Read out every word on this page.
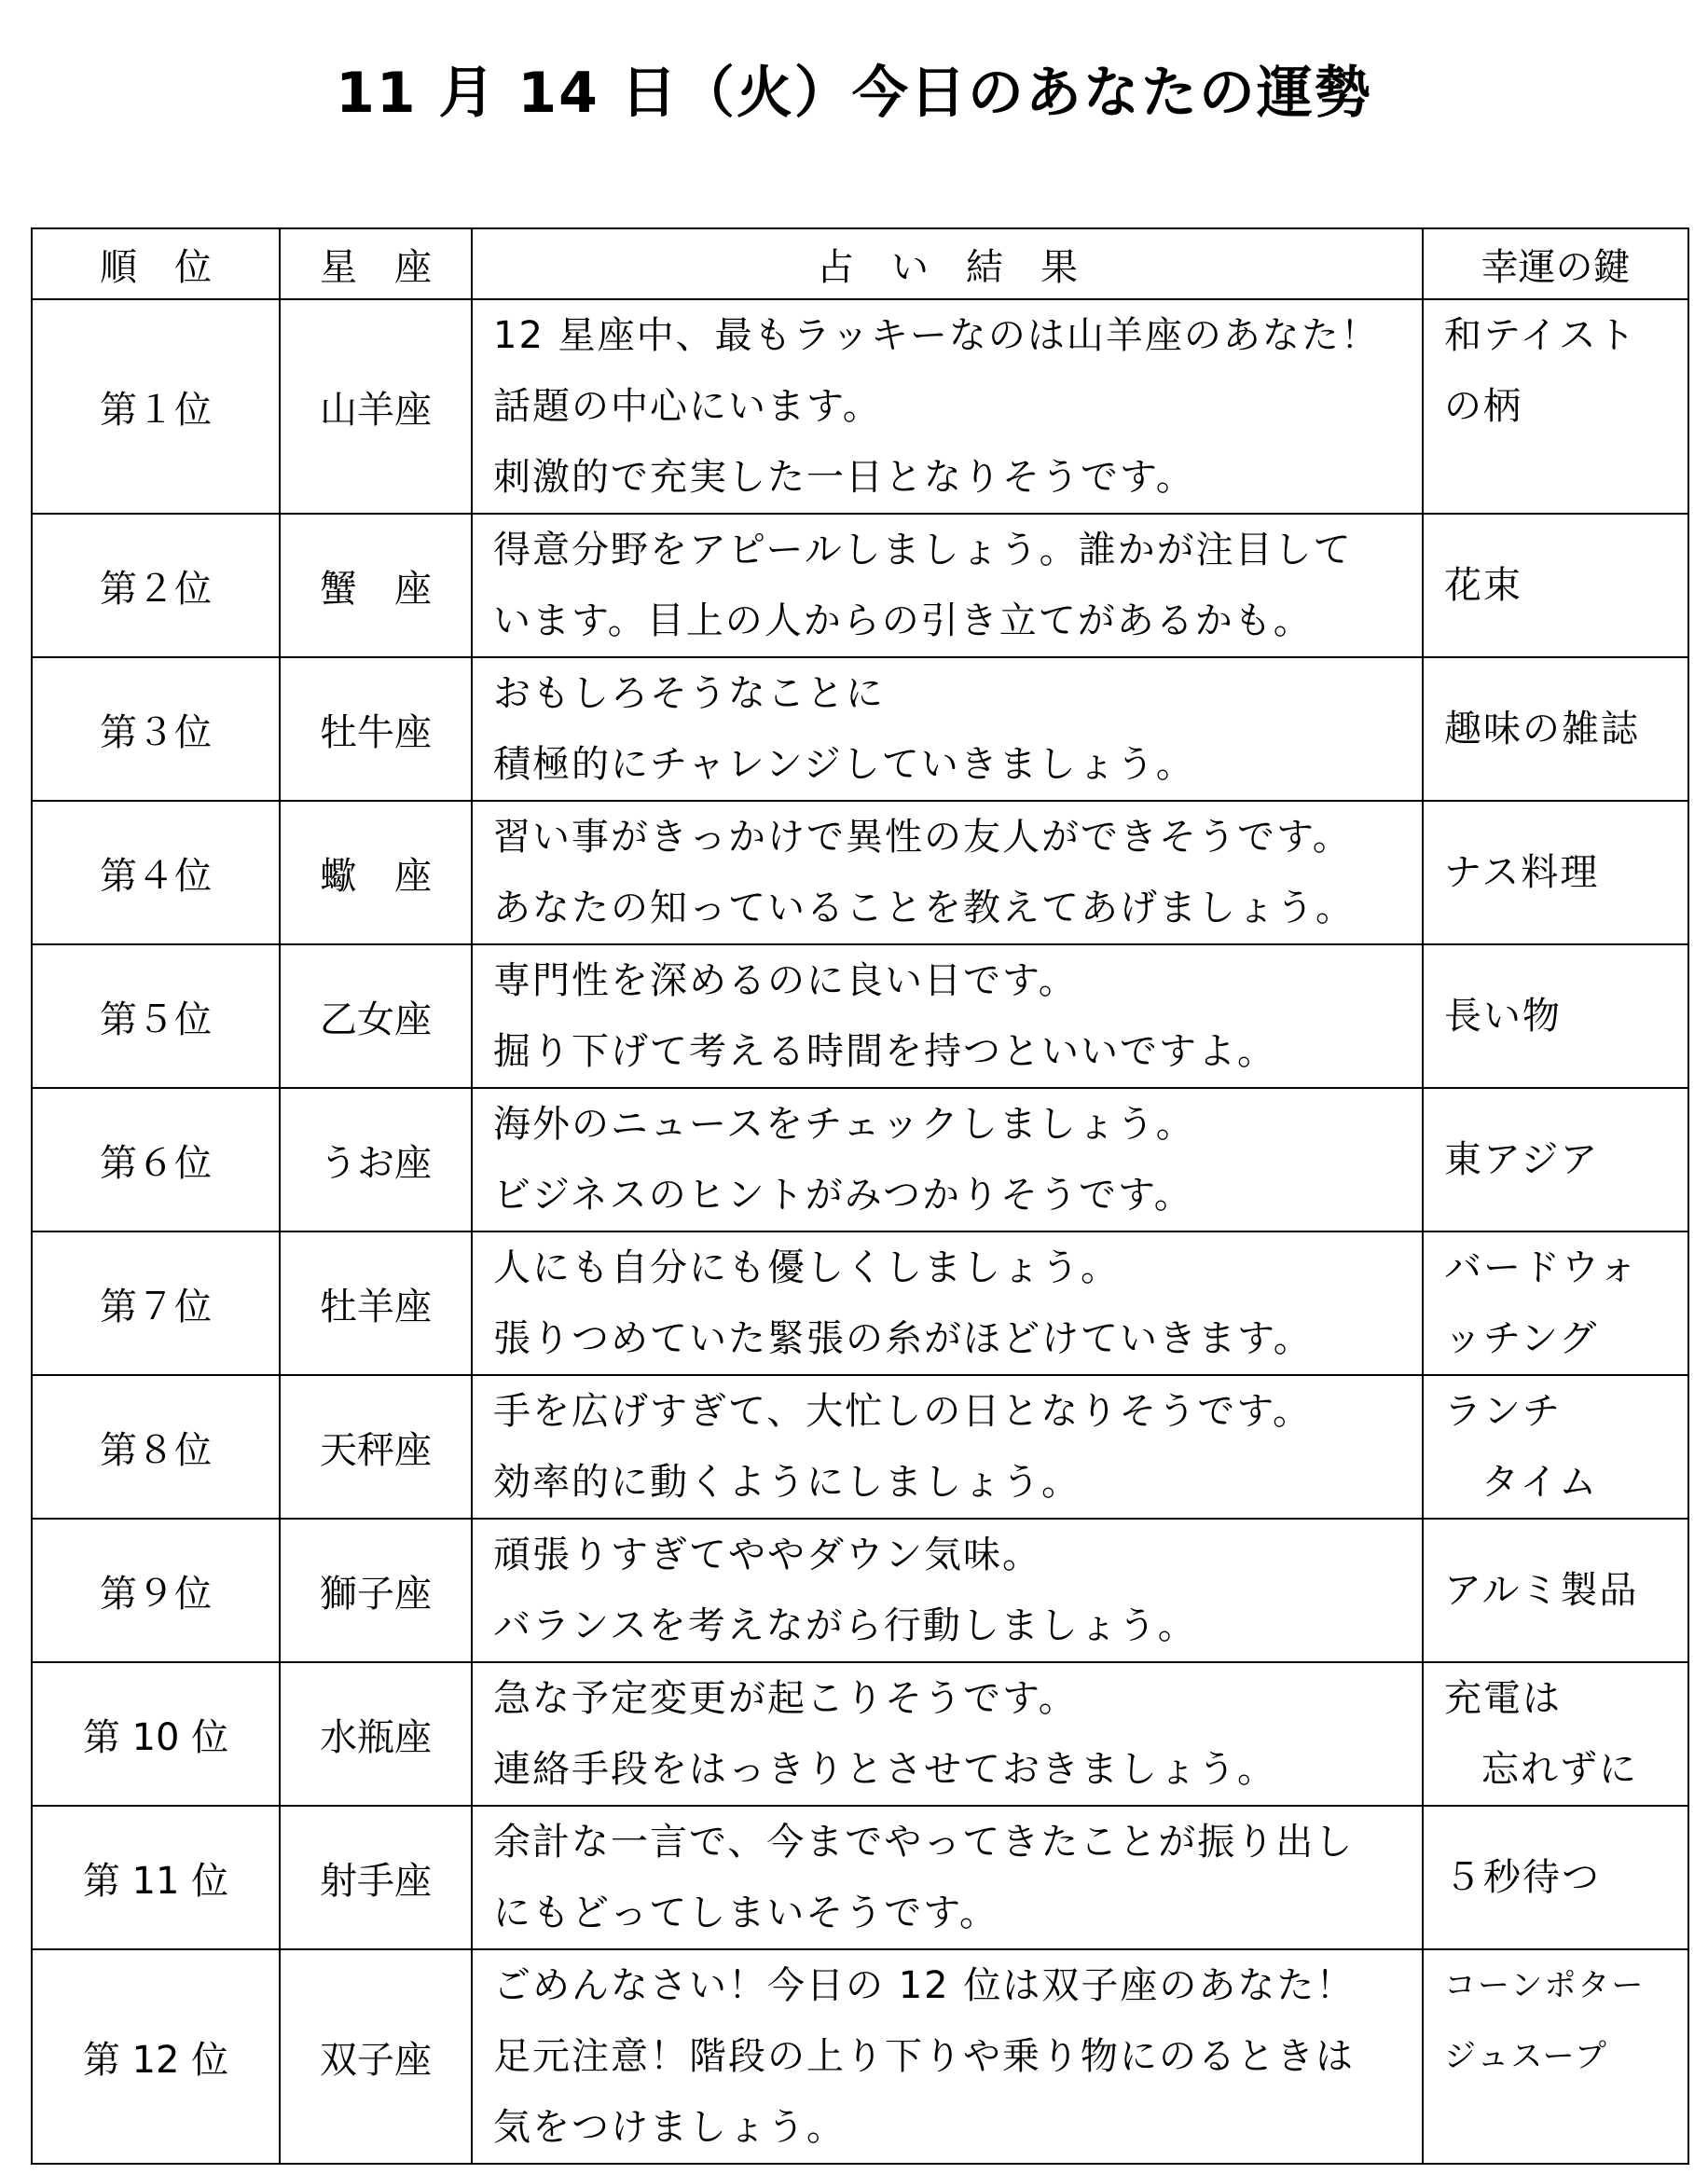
11 月 14 日（火）今日のあなたの運勢
順　位	星　座	占　い　結　果	幸運の鍵
第１位	山羊座	12 星座中、最もラッキーなのは山羊座のあなた！
話題の中心にいます。
刺激的で充実した一日となりそうです。	和テイスト
の柄

第２位	蟹　座	得意分野をアピールしましょう。誰かが注目して
います。目上の人からの引き立てがあるかも。	花束

第３位	牡牛座	おもしろそうなことに
積極的にチャレンジしていきましょう。	趣味の雑誌

第４位	蠍　座	習い事がきっかけで異性の友人ができそうです。
あなたの知っていることを教えてあげましょう。	ナス料理

第５位	乙女座	専門性を深めるのに良い日です。
掘り下げて考える時間を持つといいですよ。	長い物

第６位	うお座	海外のニュースをチェックしましょう。
ビジネスのヒントがみつかりそうです。	東アジア

第７位	牡羊座	人にも自分にも優しくしましょう。
張りつめていた緊張の糸がほどけていきます。	バードウォ
ッチング

第８位	天秤座	手を広げすぎて、大忙しの日となりそうです。
効率的に動くようにしましょう。	ランチ
タイム

第９位	獅子座	頑張りすぎてややダウン気味。
バランスを考えながら行動しましょう。	アルミ製品

第 10 位	水瓶座	急な予定変更が起こりそうです。
連絡手段をはっきりとさせておきましょう。	充電は
忘れずに

第 11 位	射手座	余計な一言で、今までやってきたことが振り出し
にもどってしまいそうです。	５秒待つ

第 12 位	双子座	ごめんなさい！今日の 12 位は双子座のあなた！
足元注意！階段の上り下りや乗り物にのるときは
気をつけましょう。	コーンポター
ジュスープ
